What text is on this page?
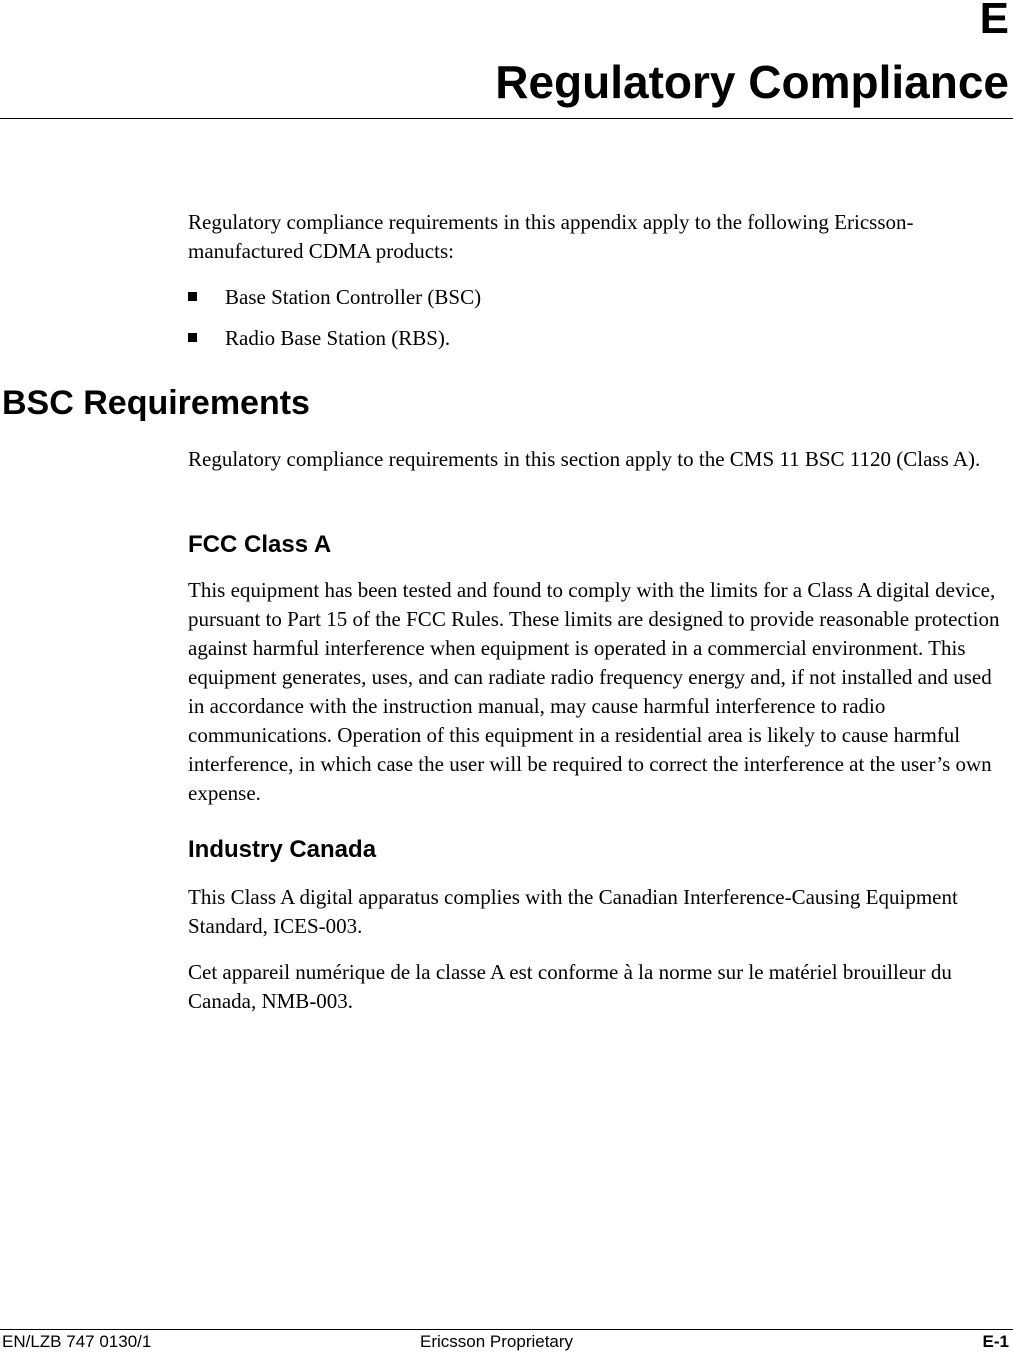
E
Regulatory Compliance

Regulatory compliance requirements in this appendix apply to the following Ericsson-manufactured CDMA products:

Base Station Controller (BSC)
Radio Base Station (RBS).
BSC Requirements

Regulatory compliance requirements in this section apply to the CMS 11 BSC 1120 (Class A).

FCC Class A

This equipment has been tested and found to comply with the limits for a Class A digital device, pursuant to Part 15 of the FCC Rules. These limits are designed to provide reasonable protection against harmful interference when equipment is operated in a commercial environment. This equipment generates, uses, and can radiate radio frequency energy and, if not installed and used in accordance with the instruction manual, may cause harmful interference to radio communications. Operation of this equipment in a residential area is likely to cause harmful interference, in which case the user will be required to correct the interference at the user’s own expense.

Industry Canada

This Class A digital apparatus complies with the Canadian Interference-Causing Equipment Standard, ICES-003.

Cet appareil numérique de la classe A est conforme à la norme sur le matériel brouilleur du Canada, NMB-003.

EN/LZB 747 0130/1	Ericsson Proprietary	E-1
